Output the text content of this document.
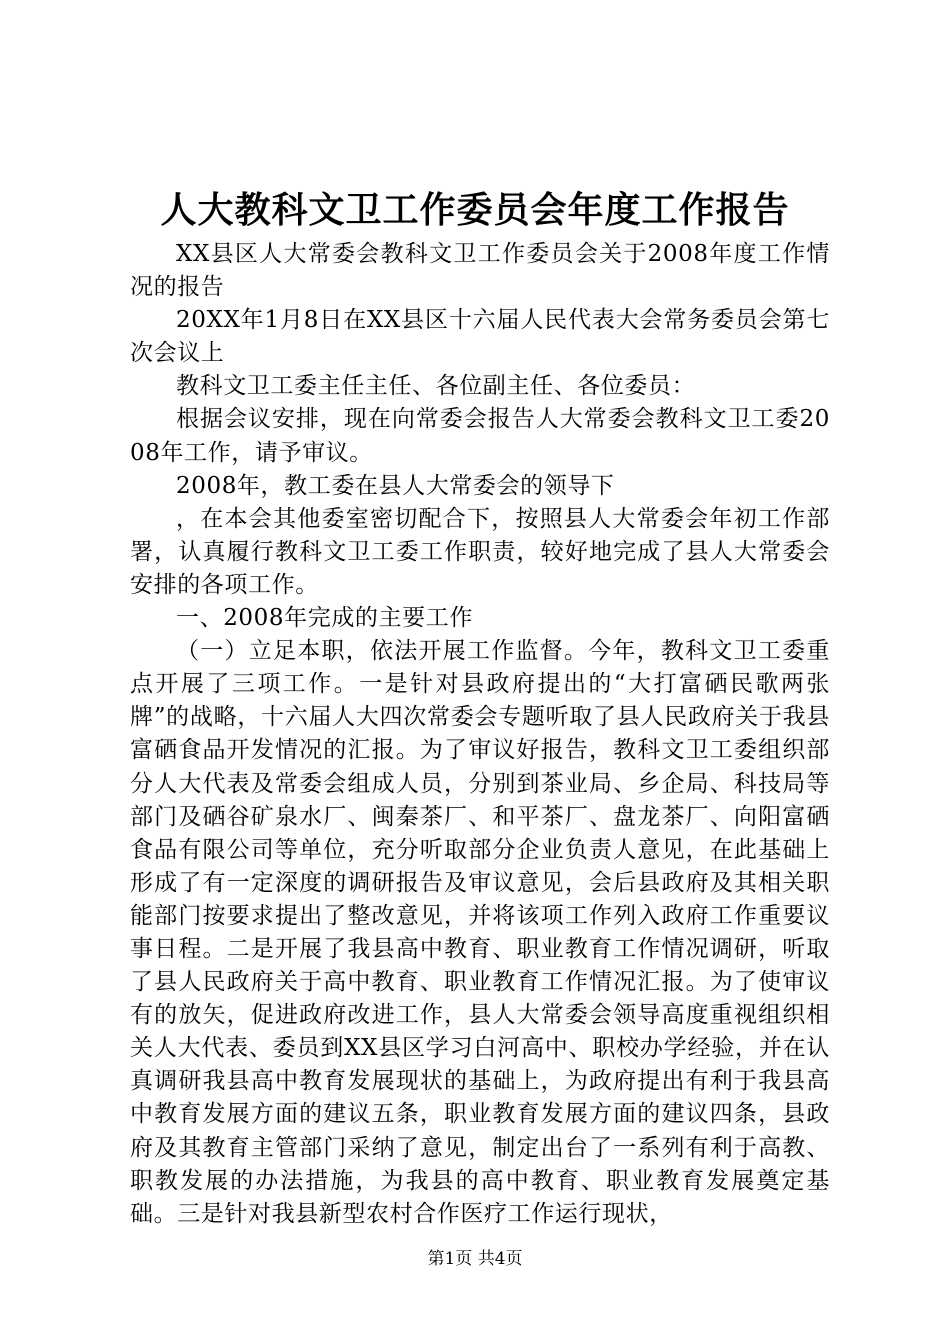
人大教科文卫工作委员会年度工作报告

XX县区人大常委会教科文卫工作委员会关于2008年度工作情况的报告

20XX年1月8日在XX县区十六届人民代表大会常务委员会第七次会议上

教科文卫工委主任主任、各位副主任、各位委员：

根据会议安排，现在向常委会报告人大常委会教科文卫工委2008年工作，请予审议。

2008年，教工委在县人大常委会的领导下

，在本会其他委室密切配合下，按照县人大常委会年初工作部署，认真履行教科文卫工委工作职责，较好地完成了县人大常委会安排的各项工作。

一、2008年完成的主要工作

（一）立足本职，依法开展工作监督。今年，教科文卫工委重点开展了三项工作。一是针对县政府提出的“大打富硒民歌两张牌”的战略，十六届人大四次常委会专题听取了县人民政府关于我县富硒食品开发情况的汇报。为了审议好报告，教科文卫工委组织部分人大代表及常委会组成人员，分别到茶业局、乡企局、科技局等部门及硒谷矿泉水厂、闽秦茶厂、和平茶厂、盘龙茶厂、向阳富硒食品有限公司等单位，充分听取部分企业负责人意见，在此基础上形成了有一定深度的调研报告及审议意见，会后县政府及其相关职能部门按要求提出了整改意见，并将该项工作列入政府工作重要议事日程。二是开展了我县高中教育、职业教育工作情况调研，听取了县人民政府关于高中教育、职业教育工作情况汇报。为了使审议有的放矢，促进政府改进工作，县人大常委会领导高度重视组织相关人大代表、委员到XX县区学习白河高中、职校办学经验，并在认真调研我县高中教育发展现状的基础上，为政府提出有利于我县高中教育发展方面的建议五条，职业教育发展方面的建议四条，县政府及其教育主管部门采纳了意见，制定出台了一系列有利于高教、职教发展的办法措施，为我县的高中教育、职业教育发展奠定基础。三是针对我县新型农村合作医疗工作运行现状，

第1页 共4页
